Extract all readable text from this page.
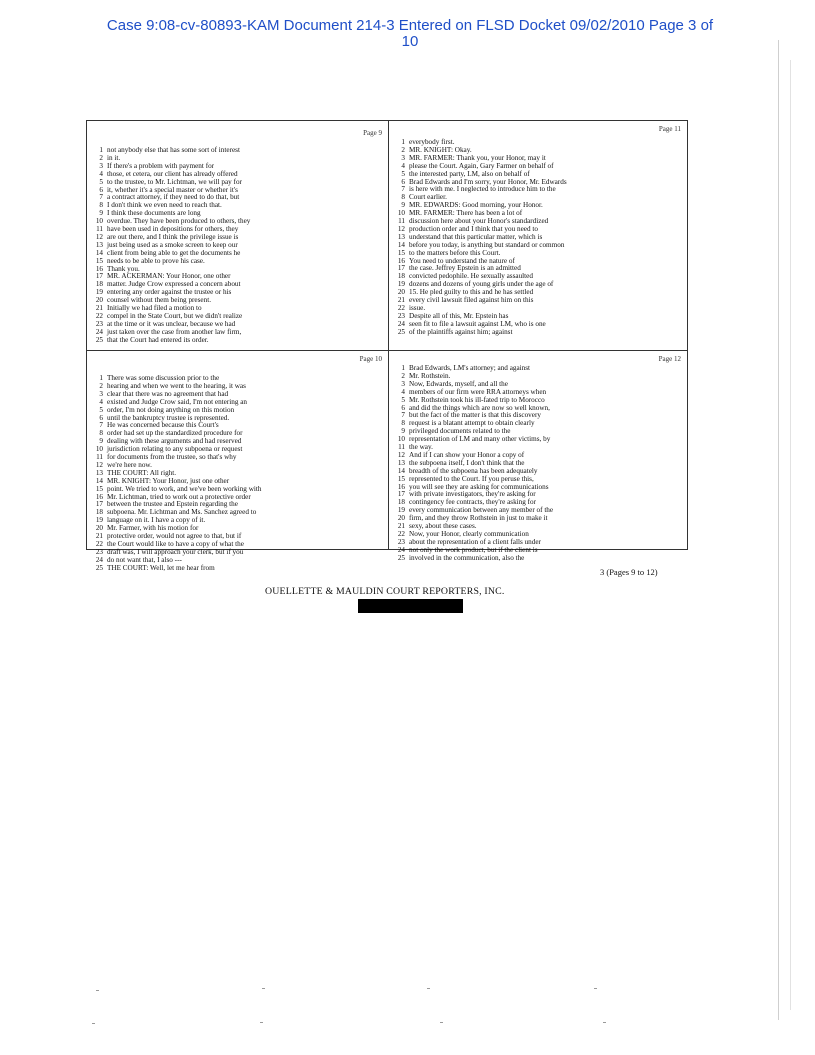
Case 9:08-cv-80893-KAM Document 214-3 Entered on FLSD Docket 09/02/2010 Page 3 of
10
Page 9
1 not anybody else that has some sort of interest
2 in it.
3 If there's a problem with payment for
4 those, et cetera, our client has already offered
5 to the trustee, to Mr. Lichtman, we will pay for
6 it, whether it's a special master or whether it's
7 a contract attorney, if they need to do that, but
8 I don't think we even need to reach that.
9 I think these documents are long
10 overdue. They have been produced to others, they
11 have been used in depositions for others, they
12 are out there, and I think the privilege issue is
13 just being used as a smoke screen to keep our
14 client from being able to get the documents he
15 needs to be able to prove his case.
16 Thank you.
17 MR. ACKERMAN: Your Honor, one other
18 matter. Judge Crow expressed a concern about
19 entering any order against the trustee or his
20 counsel without them being present.
21 Initially we had filed a motion to
22 compel in the State Court, but we didn't realize
23 at the time or it was unclear, because we had
24 just taken over the case from another law firm,
25 that the Court had entered its order.
Page 11
1 everybody first.
2 MR. KNIGHT: Okay.
3 MR. FARMER: Thank you, your Honor, may it
4 please the Court. Again, Gary Farmer on behalf of
5 the interested party, LM, also on behalf of
6 Brad Edwards and I'm sorry, your Honor, Mr. Edwards
7 is here with me. I neglected to introduce him to the
8 Court earlier.
9 MR. EDWARDS: Good morning, your Honor.
10 MR. FARMER: There has been a lot of
11 discussion here about your Honor's standardized
12 production order and I think that you need to
13 understand that this particular matter, which is
14 before you today, is anything but standard or common
15 to the matters before this Court.
16 You need to understand the nature of
17 the case. Jeffrey Epstein is an admitted
18 convicted pedophile. He sexually assaulted
19 dozens and dozens of young girls under the age of
20 15. He pled guilty to this and he has settled
21 every civil lawsuit filed against him on this
22 issue.
23 Despite all of this, Mr. Epstein has
24 seen fit to file a lawsuit against LM, who is one
25 of the plaintiffs against him; against
Page 10
1 There was some discussion prior to the
2 hearing and when we went to the hearing, it was
3 clear that there was no agreement that had
4 existed and Judge Crow said, I'm not entering an
5 order, I'm not doing anything on this motion
6 until the bankruptcy trustee is represented.
7 He was concerned because this Court's
8 order had set up the standardized procedure for
9 dealing with these arguments and had reserved
10 jurisdiction relating to any subpoena or request
11 for documents from the trustee, so that's why
12 we're here now.
13 THE COURT: All right.
14 MR. KNIGHT: Your Honor, just one other
15 point. We tried to work, and we've been working with
16 Mr. Lichtman, tried to work out a protective order
17 between the trustee and Epstein regarding the
18 subpoena. Mr. Lichtman and Ms. Sanchez agreed to
19 language on it. I have a copy of it.
20 Mr. Farmer, with his motion for
21 protective order, would not agree to that, but if
22 the Court would like to have a copy of what the
23 draft was, I will approach your clerk, but if you
24 do not want that, I also ---
25 THE COURT: Well, let me hear from
Page 12
1 Brad Edwards, LM's attorney; and against
2 Mr. Rothstein.
3 Now, Edwards, myself, and all the
4 members of our firm were RRA attorneys when
5 Mr. Rothstein took his ill-fated trip to Morocco
6 and did the things which are now so well known,
7 but the fact of the matter is that this discovery
8 request is a blatant attempt to obtain clearly
9 privileged documents related to the
10 representation of LM and many other victims, by
11 the way.
12 And if I can show your Honor a copy of
13 the subpoena itself, I don't think that the
14 breadth of the subpoena has been adequately
15 represented to the Court. If you peruse this,
16 you will see they are asking for communications
17 with private investigators, they're asking for
18 contingency fee contracts, they're asking for
19 every communication between any member of the
20 firm, and they throw Rothstein in just to make it
21 sexy, about these cases.
22 Now, your Honor, clearly communication
23 about the representation of a client falls under
24 not only the work product, but if the client is
25 involved in the communication, also the
3 (Pages 9 to 12)
OUELLETTE & MAULDIN COURT REPORTERS, INC.
